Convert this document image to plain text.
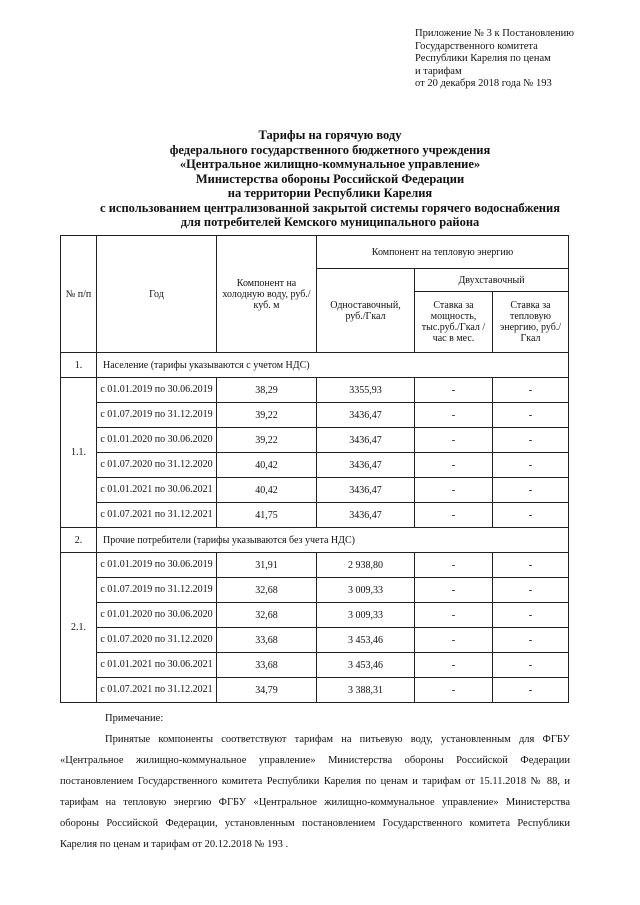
Приложение № 3 к Постановлению
Государственного комитета
Республики Карелия по ценам
и тарифам
от 20 декабря 2018 года № 193
Тарифы на горячую воду
федерального государственного бюджетного учреждения
«Центральное жилищно-коммунальное управление»
Министерства обороны Российской Федерации
на территории Республики Карелия
с использованием централизованной закрытой системы горячего водоснабжения
для потребителей Кемского муниципального района
№ п/п	Год	Компонент на холодную воду, руб./куб. м	Компонент на тепловую энергию		
			Одноставочный, руб./Гкал	Двухставочный	
				Ставка за мощность, тыс.руб./Гкал / час в мес.	Ставка за тепловую энергию, руб./Гкал
1.	Население (тарифы указываются с учетом НДС)				
1.1.	с 01.01.2019 по 30.06.2019	38,29	3355,93	-	-
	с 01.07.2019 по 31.12.2019	39,22	3436,47	-	-
	с 01.01.2020 по 30.06.2020	39,22	3436,47	-	-
	с 01.07.2020 по 31.12.2020	40,42	3436,47	-	-
	с 01.01.2021 по 30.06.2021	40,42	3436,47	-	-
	с 01.07.2021 по 31.12.2021	41,75	3436,47	-	-
2.	Прочие потребители (тарифы указываются без учета НДС)				
2.1.	с 01.01.2019 по 30.06.2019	31,91	2 938,80	-	-
	с 01.07.2019 по 31.12.2019	32,68	3 009,33	-	-
	с 01.01.2020 по 30.06.2020	32,68	3 009,33	-	-
	с 01.07.2020 по 31.12.2020	33,68	3 453,46	-	-
	с 01.01.2021 по 30.06.2021	33,68	3 453,46	-	-
	с 01.07.2021 по 31.12.2021	34,79	3 388,31	-	-
Примечание:
Принятые компоненты соответствуют тарифам на питьевую воду, установленным для ФГБУ «Центральное жилищно-коммунальное управление» Министерства обороны Российской Федерации постановлением Государственного комитета Республики Карелия по ценам и тарифам от 15.11.2018 № 88, и тарифам на тепловую энергию ФГБУ «Центральное жилищно-коммунальное управление» Министерства обороны Российской Федерации, установленным постановлением Государственного комитета Республики Карелия по ценам и тарифам от 20.12.2018 № 193 .
